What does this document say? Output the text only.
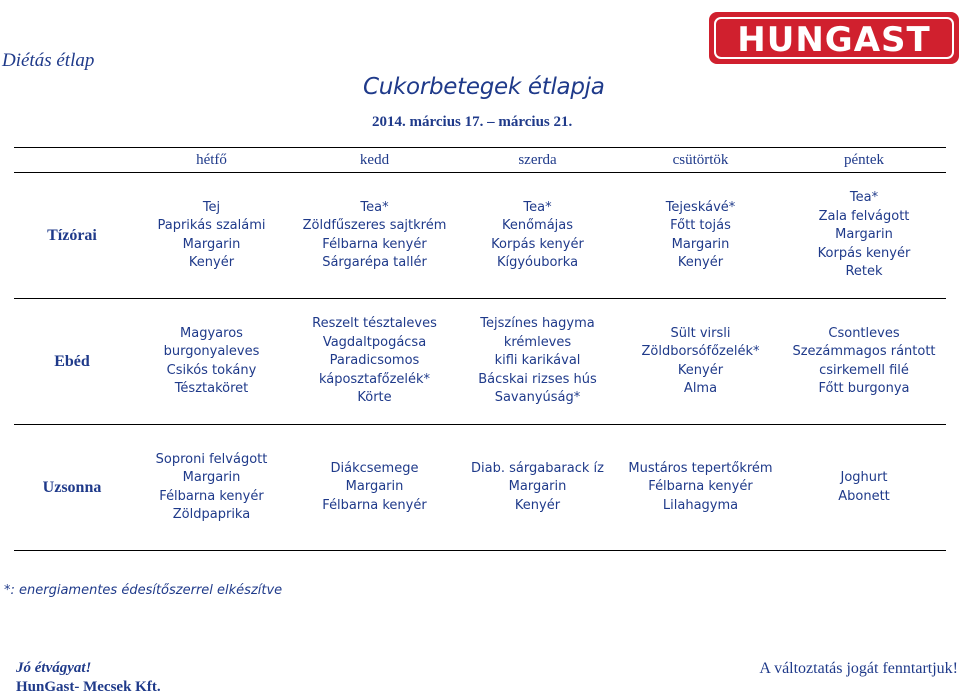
Diétás étlap
HUNGAST
Cukorbetegek étlapja
2014. március 17. – március 21.
	hétfő	kedd	szerda	csütörtök	péntek
Tízórai	Tej
Paprikás szalámi
Margarin
Kenyér	Tea*
Zöldfűszeres sajtkrém
Félbarna kenyér
Sárgarépa tallér	Tea*
Kenőmájas
Korpás kenyér
Kígyóuborka	Tejeskávé*
Főtt tojás
Margarin
Kenyér	Tea*
Zala felvágott
Margarin
Korpás kenyér
Retek

Ebéd	Magyaros
burgonyaleves
Csikós tokány
Tésztaköret	Reszelt tésztaleves
Vagdaltpogácsa
Paradicsomos
káposztafőzelék*
Körte	Tejszínes hagyma
krémleves
kifli karikával
Bácskai rizses hús
Savanyúság*	Sült virsli
Zöldborsófőzelék*
Kenyér
Alma	Csontleves
Szezámmagos rántott
csirkemell filé
Főtt burgonya

Uzsonna	Soproni felvágott
Margarin
Félbarna kenyér
Zöldpaprika	Diákcsemege
Margarin
Félbarna kenyér	Diab. sárgabarack íz
Margarin
Kenyér	Mustáros tepertőkrém
Félbarna kenyér
Lilahagyma	Joghurt
Abonett
*: energiamentes édesítőszerrel elkészítve
Jó étvágyat!
HunGast- Mecsek Kft.
A változtatás jogát fenntartjuk!
